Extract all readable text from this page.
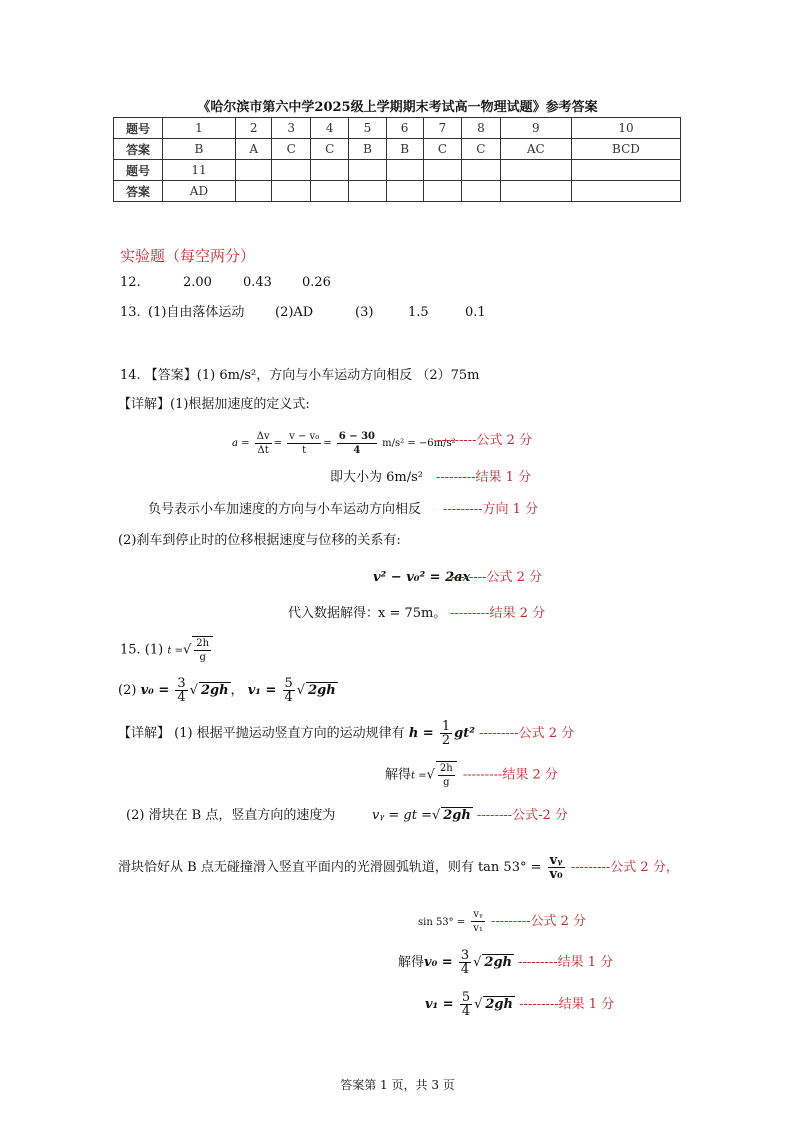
《哈尔滨市第六中学2025级上学期期末考试高一物理试题》参考答案
题号	1	2	3	4	5	6	7	8	9	10
答案	B	A	C	C	B	B	C	C	AC	BCD
题号	11									
答案	AD									
实验题（每空两分）
12.	2.00 0.43 0.26
13. (1)自由落体运动 (2)AD	(3)	1.5	0.1
14. 【答案】(1) 6m/s²，方向与小车运动方向相反 （2）75m
【详解】(1)根据加速度的定义式:
$a = \frac{\Delta v}{\Delta t} = \frac{\text{v − v₀}}{t} = \frac{6 - 30}{4} m/s^2 = -6m/s^2$
---------公式 2 分
即大小为 6m/s² ---------结果 1 分
负号表示小车加速度的方向与小车运动方向相反 ---------方向 1 分
(2)刹车到停止时的位移根据速度与位移的关系有:
v² − v₀² = 2ax
---------公式 2 分
代入数据解得：
x = 75m。 ---------结果 2 分
15. (1) t =√ $\frac{2h}{g}$
(2) $v_0 = \frac{3}{4}$ √ 2gh ， $v_1 = \frac{5}{4}$ √ 2gh
【详解】 (1) 根据平抛运动竖直方向的运动规律有 $h = \frac{1}{2} gt^2$ ---------公式 2 分
解得t =√ $\frac{2h}{g}$ ---------结果 2 分
(2) 滑块在 B 点，竖直方向的速度为	vᵧ = gt =√ 2gh --------公式-2 分
滑块恰好从 B 点无碰撞滑入竖直平面内的光滑圆弧轨道，则有 $\tan 53^\circ = \frac{\text{vᵧ}}{\text{v₀}}$ ---------公式 2 分，
$\sin 53^\circ = \frac{\text{vᵧ}}{\text{v₁}}$ ---------公式 2 分
解得$v_0 = \frac{3}{4}$ √ 2gh ---------结果 1 分
$v_1 = \frac{5}{4}$ √ 2gh ---------结果 1 分
答案第 1 页，共 3 页
